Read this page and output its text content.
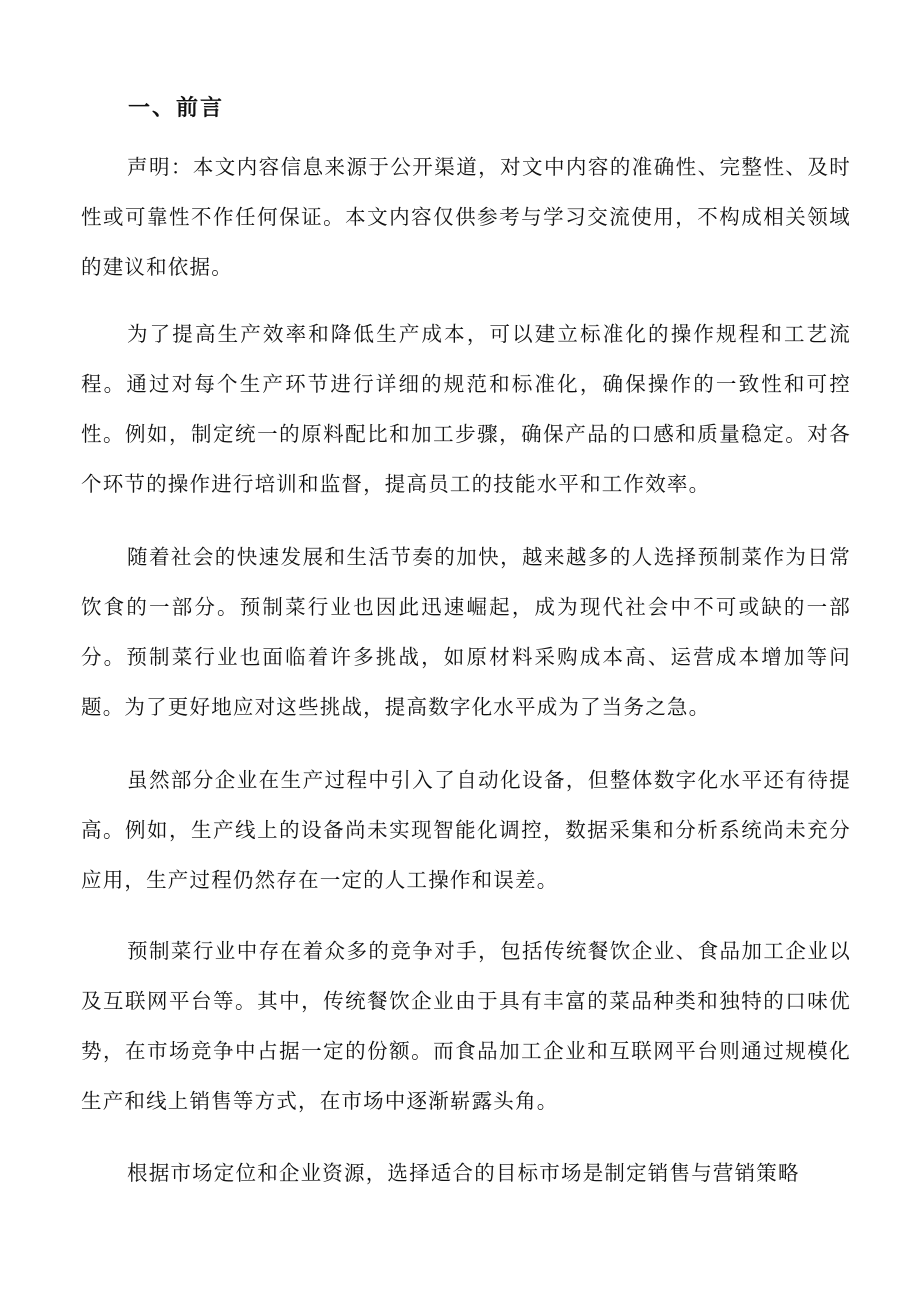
一、前言

声明：本文内容信息来源于公开渠道，对文中内容的准确性、完整性、及时性或可靠性不作任何保证。本文内容仅供参考与学习交流使用，不构成相关领域的建议和依据。

为了提高生产效率和降低生产成本，可以建立标准化的操作规程和工艺流程。通过对每个生产环节进行详细的规范和标准化，确保操作的一致性和可控性。例如，制定统一的原料配比和加工步骤，确保产品的口感和质量稳定。对各个环节的操作进行培训和监督，提高员工的技能水平和工作效率。

随着社会的快速发展和生活节奏的加快，越来越多的人选择预制菜作为日常饮食的一部分。预制菜行业也因此迅速崛起，成为现代社会中不可或缺的一部分。预制菜行业也面临着许多挑战，如原材料采购成本高、运营成本增加等问题。为了更好地应对这些挑战，提高数字化水平成为了当务之急。

虽然部分企业在生产过程中引入了自动化设备，但整体数字化水平还有待提高。例如，生产线上的设备尚未实现智能化调控，数据采集和分析系统尚未充分应用，生产过程仍然存在一定的人工操作和误差。

预制菜行业中存在着众多的竞争对手，包括传统餐饮企业、食品加工企业以及互联网平台等。其中，传统餐饮企业由于具有丰富的菜品种类和独特的口味优势，在市场竞争中占据一定的份额。而食品加工企业和互联网平台则通过规模化生产和线上销售等方式，在市场中逐渐崭露头角。

根据市场定位和企业资源，选择适合的目标市场是制定销售与营销策略
